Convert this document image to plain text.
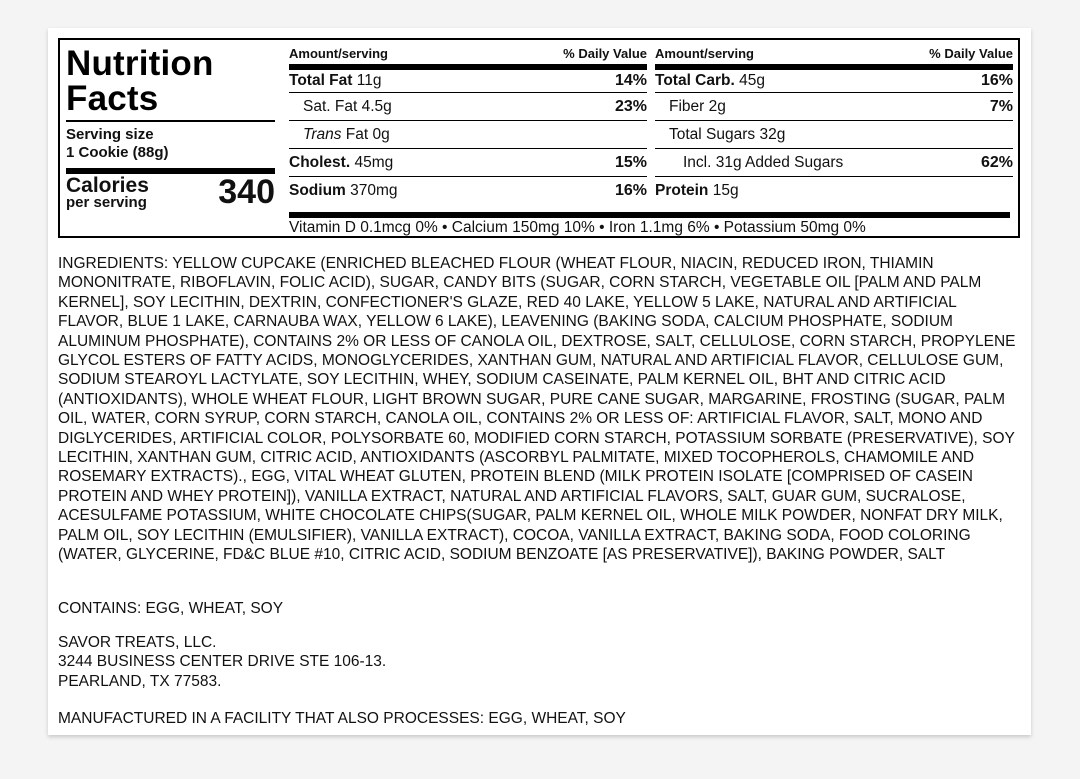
Nutrition
Facts
Serving size
1 Cookie (88g)
Calories
per serving 340
Amount/serving	% Daily Value
Total Fat 11g	14%
Sat. Fat 4.5g	23%
Trans Fat 0g
Cholest. 45mg	15%
Sodium 370mg	16%
Amount/serving	% Daily Value
Total Carb. 45g	16%
Fiber 2g	7%
Total Sugars 32g
Incl. 31g Added Sugars	62%
Protein 15g
Vitamin D 0.1mcg 0% • Calcium 150mg 10% • Iron 1.1mg 6% • Potassium 50mg 0%
INGREDIENTS: YELLOW CUPCAKE (ENRICHED BLEACHED FLOUR (WHEAT FLOUR, NIACIN, REDUCED IRON, THIAMIN MONONITRATE, RIBOFLAVIN, FOLIC ACID), SUGAR, CANDY BITS (SUGAR, CORN STARCH, VEGETABLE OIL [PALM AND PALM KERNEL], SOY LECITHIN, DEXTRIN, CONFECTIONER'S GLAZE, RED 40 LAKE, YELLOW 5 LAKE, NATURAL AND ARTIFICIAL FLAVOR, BLUE 1 LAKE, CARNAUBA WAX, YELLOW 6 LAKE), LEAVENING (BAKING SODA, CALCIUM PHOSPHATE, SODIUM ALUMINUM PHOSPHATE), CONTAINS 2% OR LESS OF CANOLA OIL, DEXTROSE, SALT, CELLULOSE, CORN STARCH, PROPYLENE GLYCOL ESTERS OF FATTY ACIDS, MONOGLYCERIDES, XANTHAN GUM, NATURAL AND ARTIFICIAL FLAVOR, CELLULOSE GUM, SODIUM STEAROYL LACTYLATE, SOY LECITHIN, WHEY, SODIUM CASEINATE, PALM KERNEL OIL, BHT AND CITRIC ACID (ANTIOXIDANTS), WHOLE WHEAT FLOUR, LIGHT BROWN SUGAR, PURE CANE SUGAR, MARGARINE, FROSTING (SUGAR, PALM OIL, WATER, CORN SYRUP, CORN STARCH, CANOLA OIL, CONTAINS 2% OR LESS OF: ARTIFICIAL FLAVOR, SALT, MONO AND DIGLYCERIDES, ARTIFICIAL COLOR, POLYSORBATE 60, MODIFIED CORN STARCH, POTASSIUM SORBATE (PRESERVATIVE), SOY LECITHIN, XANTHAN GUM, CITRIC ACID, ANTIOXIDANTS (ASCORBYL PALMITATE, MIXED TOCOPHEROLS, CHAMOMILE AND ROSEMARY EXTRACTS)., EGG, VITAL WHEAT GLUTEN, PROTEIN BLEND (MILK PROTEIN ISOLATE [COMPRISED OF CASEIN PROTEIN AND WHEY PROTEIN]), VANILLA EXTRACT, NATURAL AND ARTIFICIAL FLAVORS, SALT, GUAR GUM, SUCRALOSE, ACESULFAME POTASSIUM, WHITE CHOCOLATE CHIPS(SUGAR, PALM KERNEL OIL, WHOLE MILK POWDER, NONFAT DRY MILK, PALM OIL, SOY LECITHIN (EMULSIFIER), VANILLA EXTRACT), COCOA, VANILLA EXTRACT, BAKING SODA, FOOD COLORING (WATER, GLYCERINE, FD&C BLUE #10, CITRIC ACID, SODIUM BENZOATE [AS PRESERVATIVE]), BAKING POWDER, SALT
CONTAINS: EGG, WHEAT, SOY
SAVOR TREATS, LLC.
3244 BUSINESS CENTER DRIVE STE 106-13.
PEARLAND, TX 77583.
MANUFACTURED IN A FACILITY THAT ALSO PROCESSES: EGG, WHEAT, SOY
